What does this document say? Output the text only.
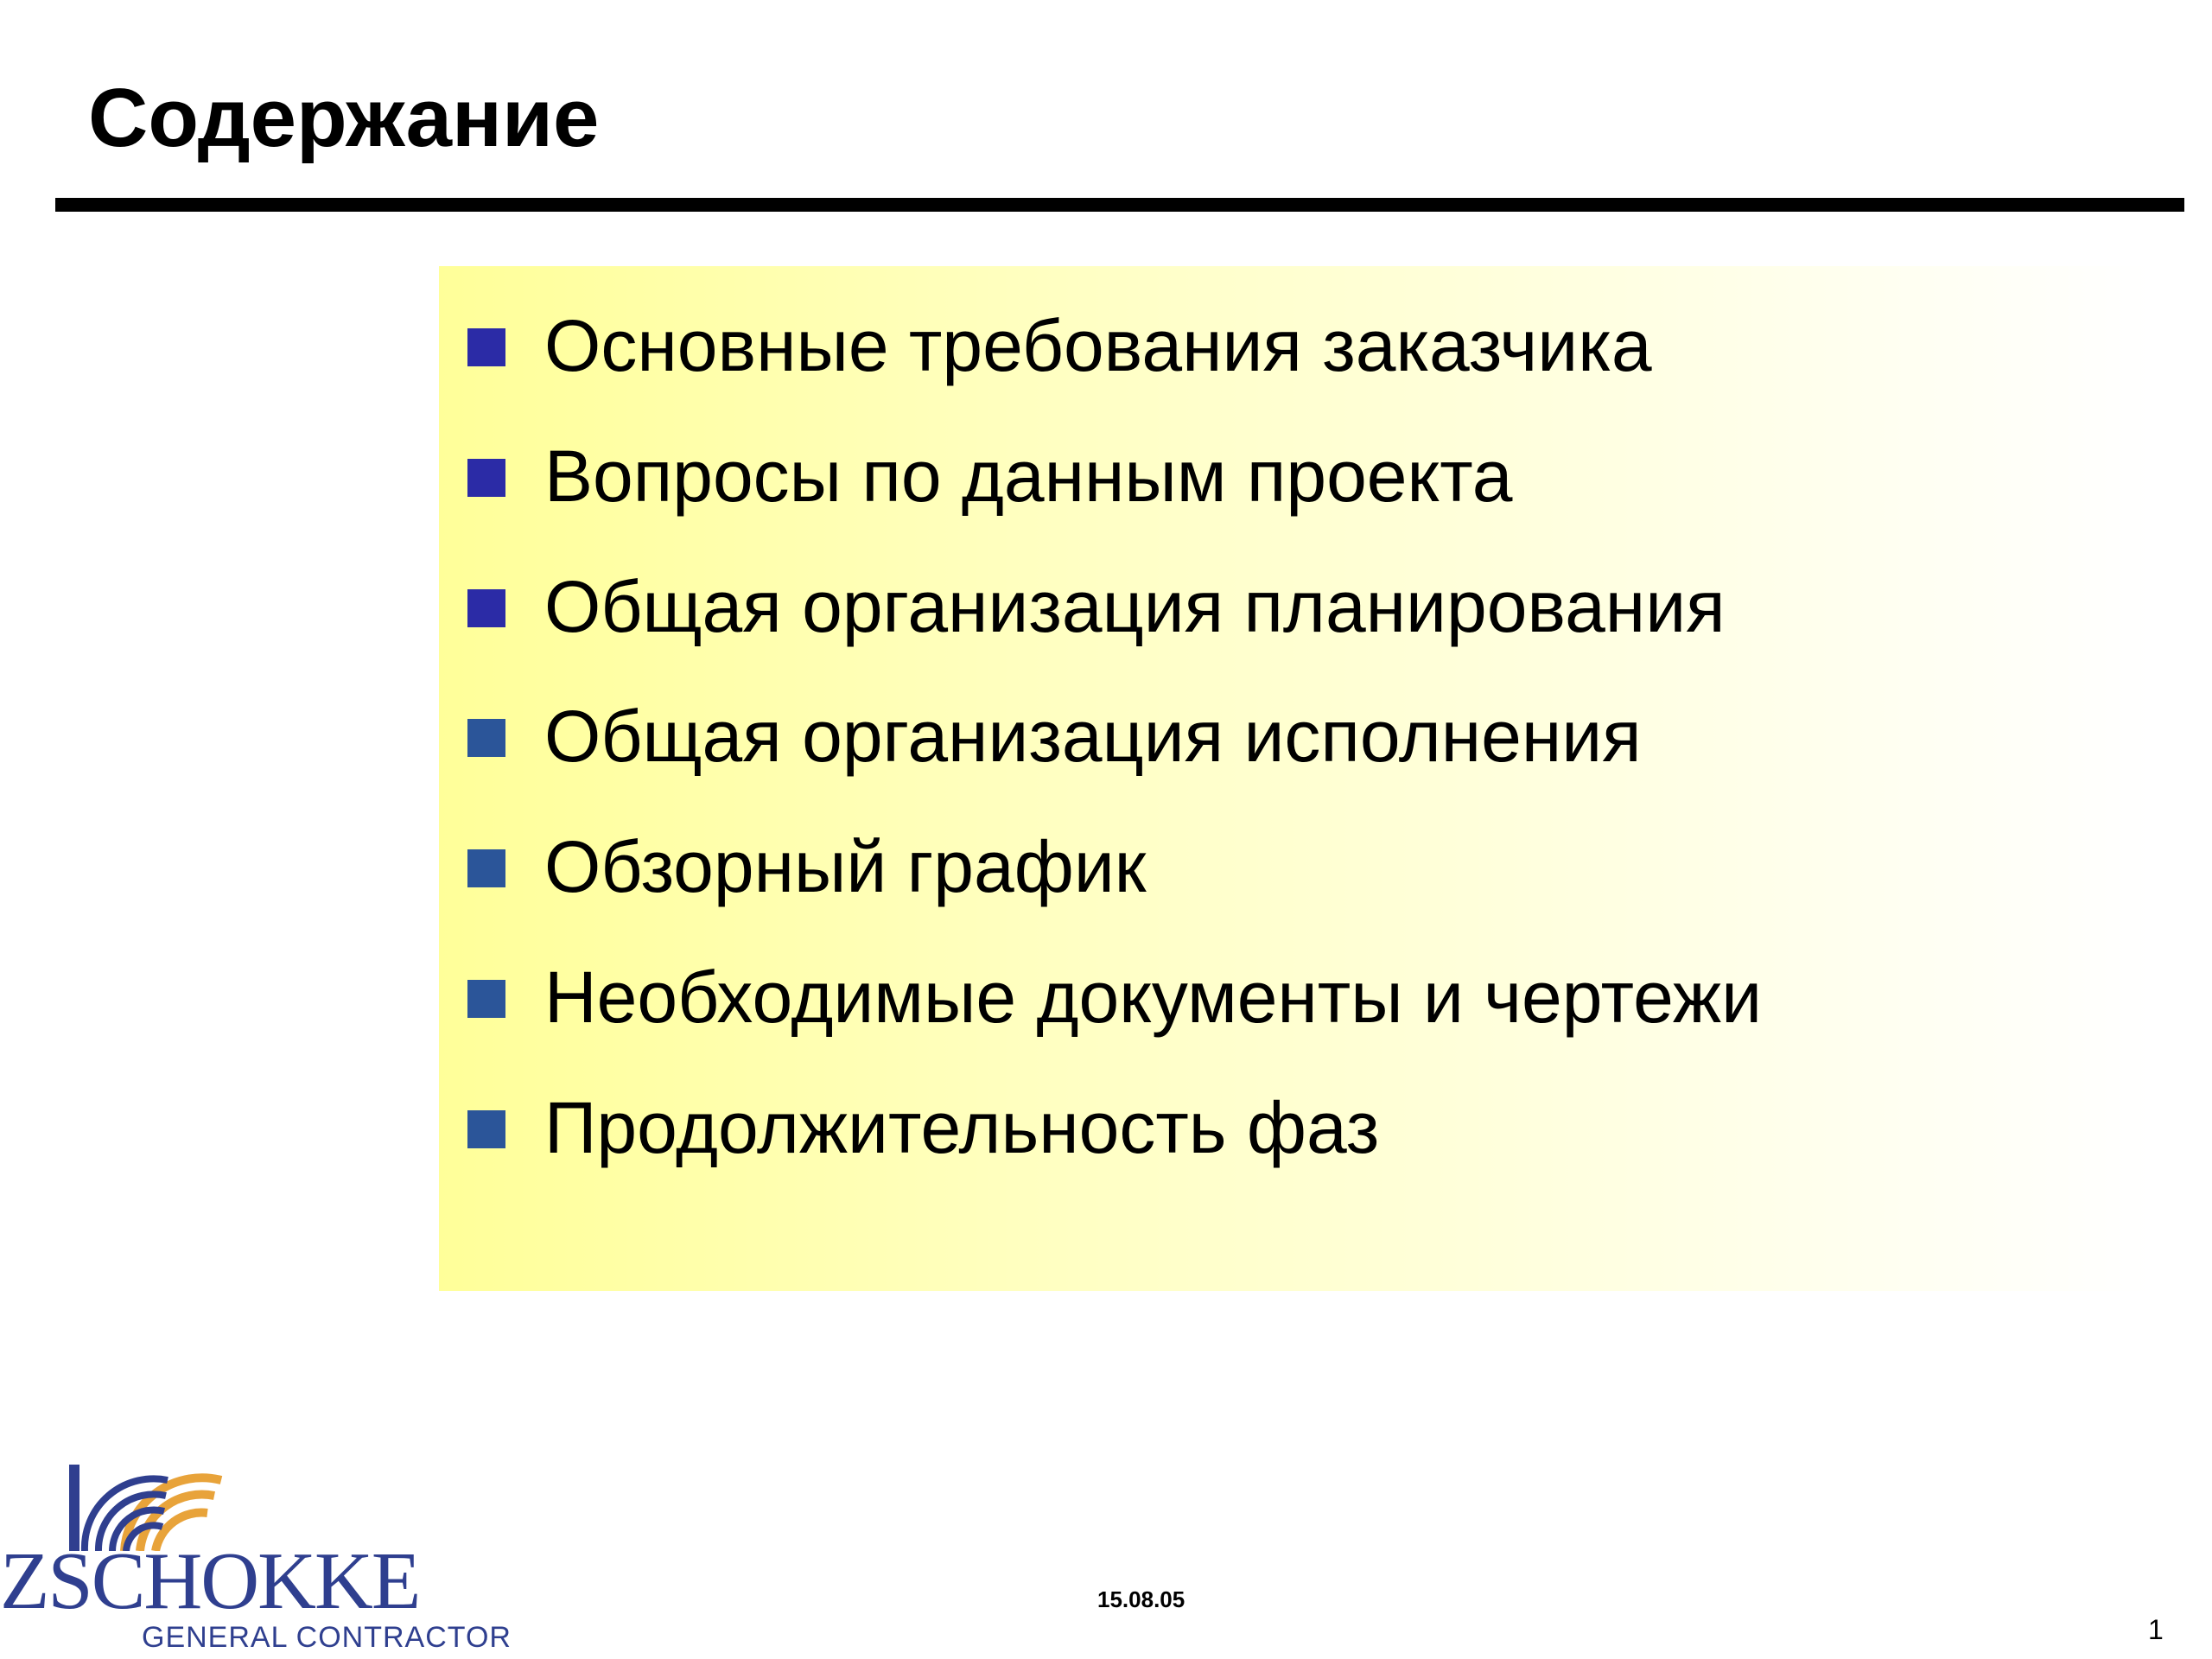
Содержание
Основные требования заказчика
Вопросы по данным проекта
Общая организация планирования
Общая организация исполнения
Обзорный график
Необходимые документы и чертежи
Продолжительность фаз
ZSCHOKKE
GENERAL CONTRACTOR
15.08.05
1
